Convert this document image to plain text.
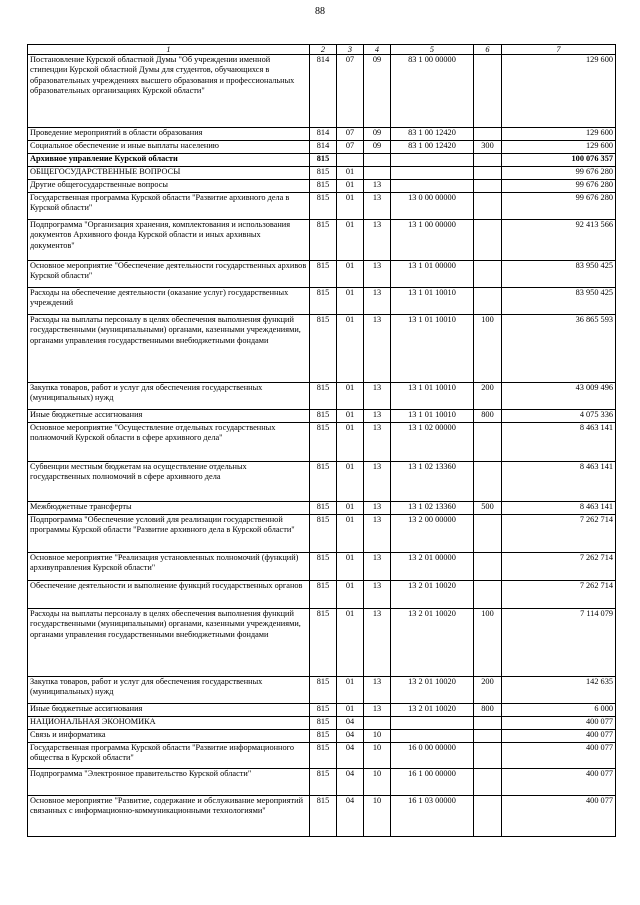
88
1	2	3	4	5	6	7
Постановление Курской областной Думы "Об учреждении именной стипендии Курской областной Думы для студентов, обучающихся в образовательных учреждениях высшего образования и профессиональных образовательных организациях Курской области"	814	07	09	83 1 00 00000		129 600
Проведение мероприятий в области образования	814	07	09	83 1 00 12420		129 600
Социальное обеспечение и иные выплаты населению	814	07	09	83 1 00 12420	300	129 600
Архивное управление Курской области	815					100 076 357
ОБЩЕГОСУДАРСТВЕННЫЕ ВОПРОСЫ	815	01				99 676 280
Другие общегосударственные вопросы	815	01	13			99 676 280
Государственная программа Курской области "Развитие архивного дела в Курской области"	815	01	13	13 0 00 00000		99 676 280
Подпрограмма "Организация хранения, комплектования и использования документов Архивного фонда Курской области и иных архивных документов"	815	01	13	13 1 00 00000		92 413 566
Основное мероприятие "Обеспечение деятельности государственных архивов Курской области"	815	01	13	13 1 01 00000		83 950 425
Расходы на обеспечение деятельности (оказание услуг) государственных учреждений	815	01	13	13 1 01 10010		83 950 425
Расходы на выплаты персоналу в целях обеспечения выполнения функций государственными (муниципальными) органами, казенными учреждениями, органами управления государственными внебюджетными фондами	815	01	13	13 1 01 10010	100	36 865 593
Закупка товаров, работ и услуг для обеспечения государственных (муниципальных) нужд	815	01	13	13 1 01 10010	200	43 009 496
Иные бюджетные ассигнования	815	01	13	13 1 01 10010	800	4 075 336
Основное мероприятие "Осуществление отдельных государственных полномочий Курской области в сфере архивного дела"	815	01	13	13 1 02 00000		8 463 141
Субвенции местным бюджетам на осуществление отдельных государственных полномочий в сфере архивного дела	815	01	13	13 1 02 13360		8 463 141
Межбюджетные трансферты	815	01	13	13 1 02 13360	500	8 463 141
Подпрограмма "Обеспечение условий для реализации государственной программы Курской области "Развитие архивного дела в Курской области"	815	01	13	13 2 00 00000		7 262 714
Основное мероприятие "Реализация установленных полномочий (функций) архивуправления Курской области"	815	01	13	13 2 01 00000		7 262 714
Обеспечение деятельности и выполнение функций государственных органов	815	01	13	13 2 01 10020		7 262 714
Расходы на выплаты персоналу в целях обеспечения выполнения функций государственными (муниципальными) органами, казенными учреждениями, органами управления государственными внебюджетными фондами	815	01	13	13 2 01 10020	100	7 114 079
Закупка товаров, работ и услуг для обеспечения государственных (муниципальных) нужд	815	01	13	13 2 01 10020	200	142 635
Иные бюджетные ассигнования	815	01	13	13 2 01 10020	800	6 000
НАЦИОНАЛЬНАЯ ЭКОНОМИКА	815	04				400 077
Связь и информатика	815	04	10			400 077
Государственная программа Курской области "Развитие информационного общества в Курской области"	815	04	10	16 0 00 00000		400 077
Подпрограмма "Электронное правительство Курской области"	815	04	10	16 1 00 00000		400 077
Основное мероприятие "Развитие, содержание и обслуживание мероприятий связанных с информационно-коммуникационными технологиями"	815	04	10	16 1 03 00000		400 077
